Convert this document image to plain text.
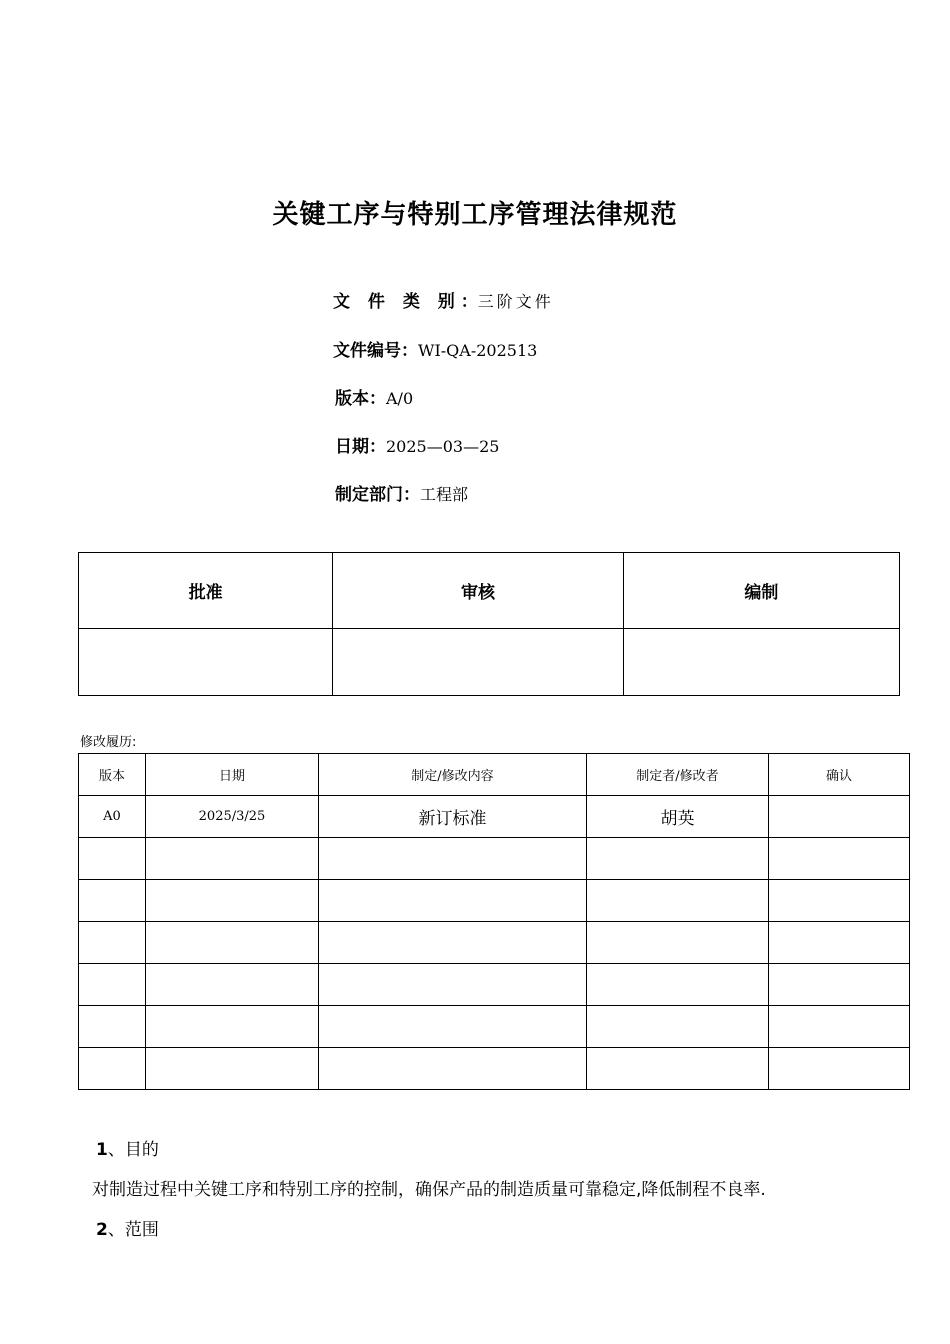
关键工序与特别工序管理法律规范
文 件 类 别：三阶文件
文件编号：WI-QA-202513
版本：A/0
日期：2025—03—25
制定部门：工程部
批准	审核	编制

修改履历:
版本	日期	制定/修改内容	制定者/修改者	确认
A0	2025/3/25	新订标准	胡英	

1、目的
对制造过程中关键工序和特别工序的控制，确保产品的制造质量可靠稳定,降低制程不良率.
2、范围
